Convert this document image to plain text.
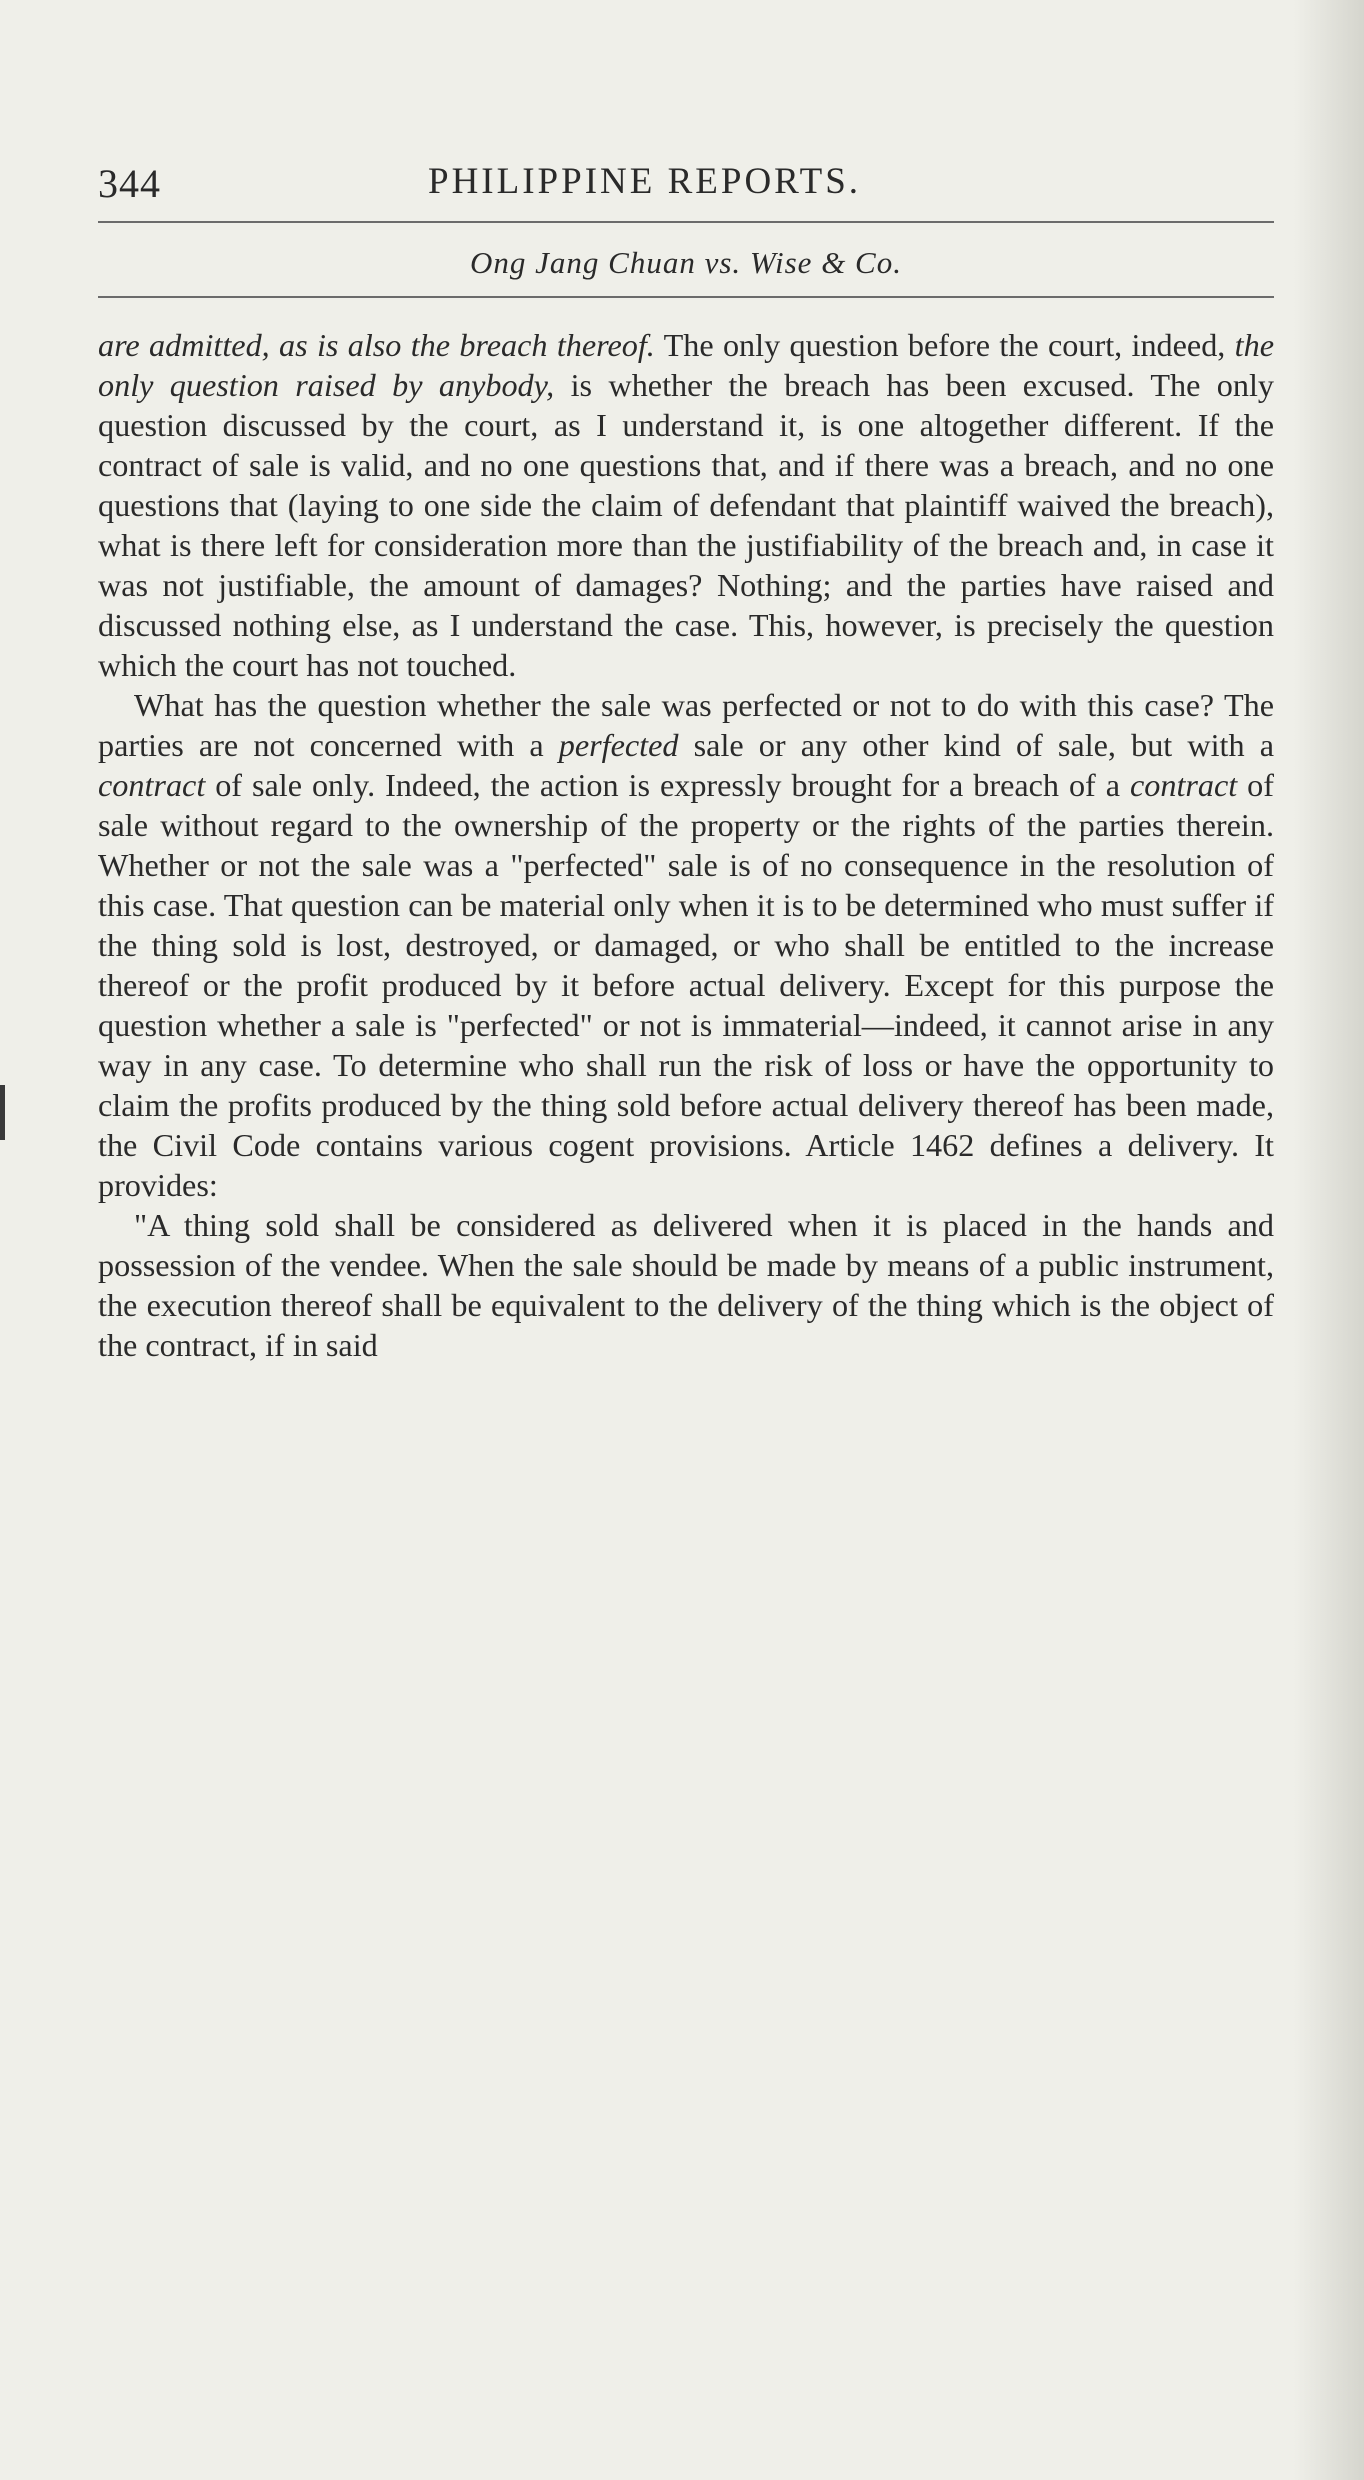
344	PHILIPPINE REPORTS.
Ong Jang Chuan vs. Wise & Co.

are admitted, as is also the breach thereof. The only question before the court, indeed, the only question raised by anybody, is whether the breach has been excused. The only question discussed by the court, as I understand it, is one altogether different. If the contract of sale is valid, and no one questions that, and if there was a breach, and no one questions that (laying to one side the claim of defendant that plaintiff waived the breach), what is there left for consideration more than the justifiability of the breach and, in case it was not justifiable, the amount of damages? Nothing; and the parties have raised and discussed nothing else, as I understand the case. This, however, is precisely the question which the court has not touched.

What has the question whether the sale was perfected or not to do with this case? The parties are not concerned with a perfected sale or any other kind of sale, but with a contract of sale only. Indeed, the action is expressly brought for a breach of a contract of sale without regard to the ownership of the property or the rights of the parties therein. Whether or not the sale was a "perfected" sale is of no consequence in the resolution of this case. That question can be material only when it is to be determined who must suffer if the thing sold is lost, destroyed, or damaged, or who shall be entitled to the increase thereof or the profit produced by it before actual delivery. Except for this purpose the question whether a sale is "perfected" or not is immaterial—indeed, it cannot arise in any way in any case. To determine who shall run the risk of loss or have the opportunity to claim the profits produced by the thing sold before actual delivery thereof has been made, the Civil Code contains various cogent provisions. Article 1462 defines a delivery. It provides:

"A thing sold shall be considered as delivered when it is placed in the hands and possession of the vendee. When the sale should be made by means of a public instrument, the execution thereof shall be equivalent to the delivery of the thing which is the object of the contract, if in said
